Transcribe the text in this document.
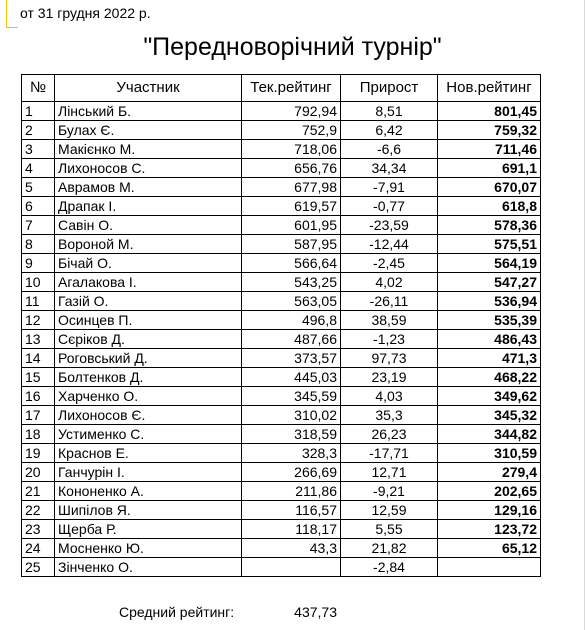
от 31 грудня 2022 р.
"Передноворічний турнір"
№	Участник	Тек.рейтинг	Прирост	Нов.рейтинг
1	Лінський Б.	792,94	8,51	801,45
2	Булах Є.	752,9	6,42	759,32
3	Макієнко М.	718,06	-6,6	711,46
4	Лихоносов С.	656,76	34,34	691,1
5	Аврамов М.	677,98	-7,91	670,07
6	Драпак І.	619,57	-0,77	618,8
7	Савін О.	601,95	-23,59	578,36
8	Вороной М.	587,95	-12,44	575,51
9	Бічай О.	566,64	-2,45	564,19
10	Агалакова І.	543,25	4,02	547,27
11	Газій О.	563,05	-26,11	536,94
12	Осинцев П.	496,8	38,59	535,39
13	Сєріков Д.	487,66	-1,23	486,43
14	Роговський Д.	373,57	97,73	471,3
15	Болтенков Д.	445,03	23,19	468,22
16	Харченко О.	345,59	4,03	349,62
17	Лихоносов Є.	310,02	35,3	345,32
18	Устименко С.	318,59	26,23	344,82
19	Краснов Е.	328,3	-17,71	310,59
20	Ганчурін І.	266,69	12,71	279,4
21	Кононенко А.	211,86	-9,21	202,65
22	Шипілов Я.	116,57	12,59	129,16
23	Щерба Р.	118,17	5,55	123,72
24	Мосненко Ю.	43,3	21,82	65,12
25	Зінченко О.		-2,84	
Средний рейтинг:	437,73
